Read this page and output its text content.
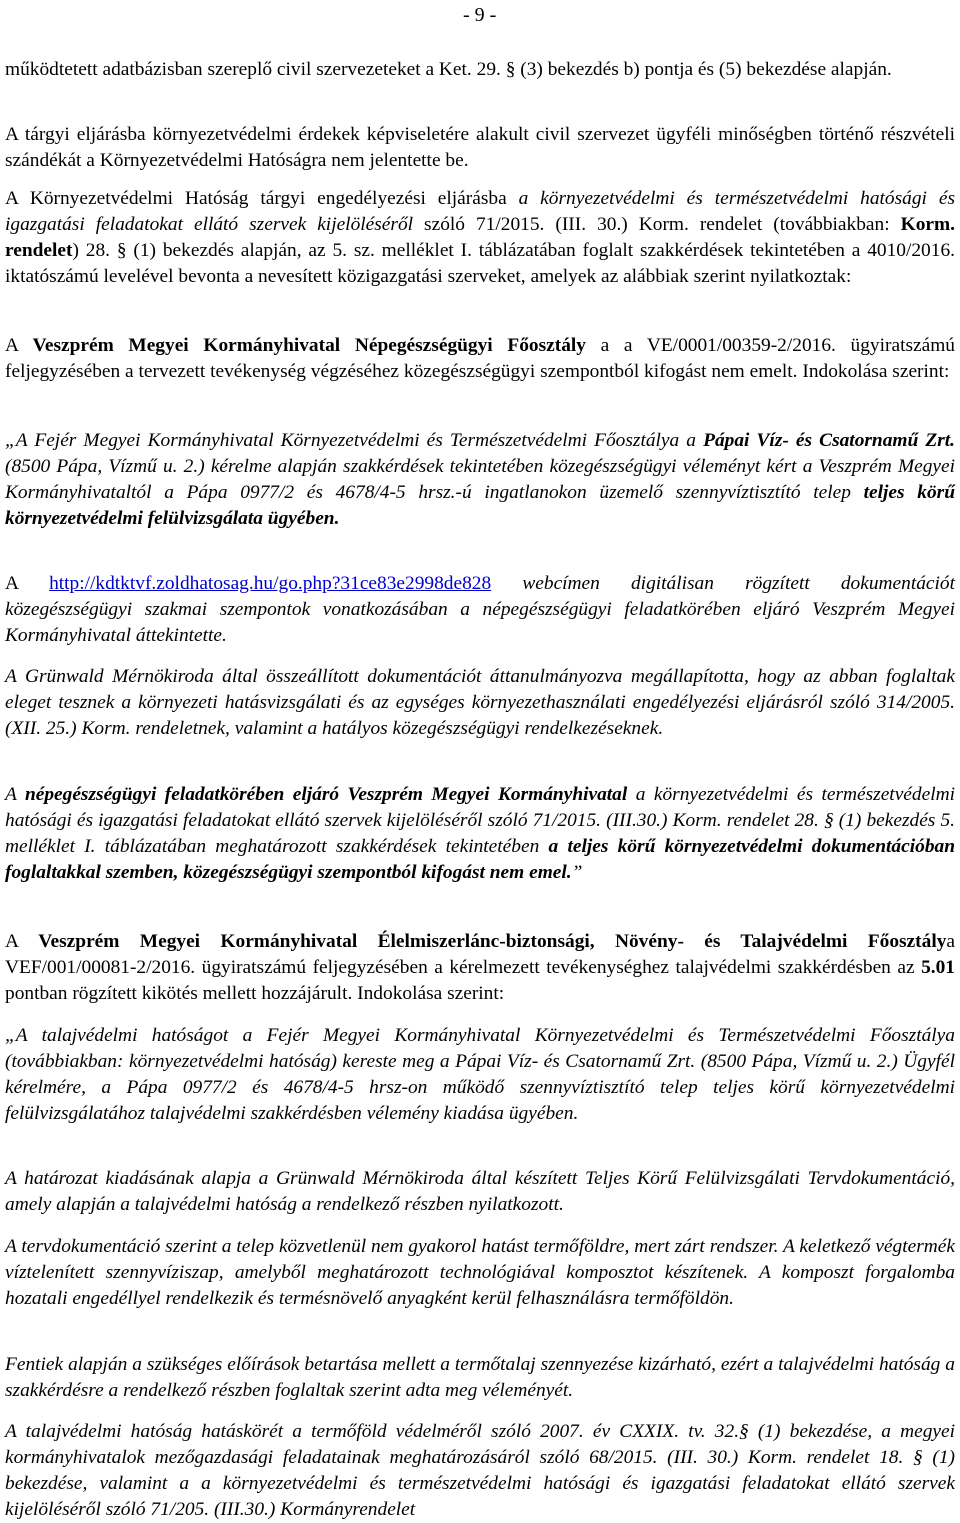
- 9 -
működtetett adatbázisban szereplő civil szervezeteket a Ket. 29. § (3) bekezdés b) pontja és (5) bekezdése alapján.
A tárgyi eljárásba környezetvédelmi érdekek képviseletére alakult civil szervezet ügyféli minőségben történő részvételi szándékát a Környezetvédelmi Hatóságra nem jelentette be.
A Környezetvédelmi Hatóság tárgyi engedélyezési eljárásba a környezetvédelmi és természetvédelmi hatósági és igazgatási feladatokat ellátó szervek kijelöléséről szóló 71/2015. (III. 30.) Korm. rendelet (továbbiakban: Korm. rendelet) 28. § (1) bekezdés alapján, az 5. sz. melléklet I. táblázatában foglalt szakkérdések tekintetében a 4010/2016. iktatószámú levelével bevonta a nevesített közigazgatási szerveket, amelyek az alábbiak szerint nyilatkoztak:
A Veszprém Megyei Kormányhivatal Népegészségügyi Főosztály a a VE/0001/00359-2/2016. ügyiratszámú feljegyzésében a tervezett tevékenység végzéséhez közegészségügyi szempontból kifogást nem emelt. Indokolása szerint:
„A Fejér Megyei Kormányhivatal Környezetvédelmi és Természetvédelmi Főosztálya a Pápai Víz- és Csatornamű Zrt. (8500 Pápa, Vízmű u. 2.) kérelme alapján szakkérdések tekintetében közegészségügyi véleményt kért a Veszprém Megyei Kormányhivataltól a Pápa 0977/2 és 4678/4-5 hrsz.-ú ingatlanokon üzemelő szennyvíztisztító telep teljes körű környezetvédelmi felülvizsgálata ügyében.
A http://kdtktvf.zoldhatosag.hu/go.php?31ce83e2998de828 webcímen digitálisan rögzített dokumentációt közegészségügyi szakmai szempontok vonatkozásában a népegészségügyi feladatkörében eljáró Veszprém Megyei Kormányhivatal áttekintette.
A Grünwald Mérnökiroda által összeállított dokumentációt áttanulmányozva megállapította, hogy az abban foglaltak eleget tesznek a környezeti hatásvizsgálati és az egységes környezethasználati engedélyezési eljárásról szóló 314/2005. (XII. 25.) Korm. rendeletnek, valamint a hatályos közegészségügyi rendelkezéseknek.
A népegészségügyi feladatkörében eljáró Veszprém Megyei Kormányhivatal a környezetvédelmi és természetvédelmi hatósági és igazgatási feladatokat ellátó szervek kijelöléséről szóló 71/2015. (III.30.) Korm. rendelet 28. § (1) bekezdés 5. melléklet I. táblázatában meghatározott szakkérdések tekintetében a teljes körű környezetvédelmi dokumentációban foglaltakkal szemben, közegészségügyi szempontból kifogást nem emel.”
A Veszprém Megyei Kormányhivatal Élelmiszerlánc-biztonsági, Növény- és Talajvédelmi Főosztálya VEF/001/00081-2/2016. ügyiratszámú feljegyzésében a kérelmezett tevékenységhez talajvédelmi szakkérdésben az 5.01 pontban rögzített kikötés mellett hozzájárult. Indokolása szerint:
„A talajvédelmi hatóságot a Fejér Megyei Kormányhivatal Környezetvédelmi és Természetvédelmi Főosztálya (továbbiakban: környezetvédelmi hatóság) kereste meg a Pápai Víz- és Csatornamű Zrt. (8500 Pápa, Vízmű u. 2.) Ügyfél kérelmére, a Pápa 0977/2 és 4678/4-5 hrsz-on működő szennyvíztisztító telep teljes körű környezetvédelmi felülvizsgálatához talajvédelmi szakkérdésben vélemény kiadása ügyében.
A határozat kiadásának alapja a Grünwald Mérnökiroda által készített Teljes Körű Felülvizsgálati Tervdokumentáció, amely alapján a talajvédelmi hatóság a rendelkező részben nyilatkozott.
A tervdokumentáció szerint a telep közvetlenül nem gyakorol hatást termőföldre, mert zárt rendszer. A keletkező végtermék víztelenített szennyvíziszap, amelyből meghatározott technológiával komposztot készítenek. A komposzt forgalomba hozatali engedéllyel rendelkezik és termésnövelő anyagként kerül felhasználásra termőföldön.
Fentiek alapján a szükséges előírások betartása mellett a termőtalaj szennyezése kizárható, ezért a talajvédelmi hatóság a szakkérdésre a rendelkező részben foglaltak szerint adta meg véleményét.
A talajvédelmi hatóság hatáskörét a termőföld védelméről szóló 2007. év CXXIX. tv. 32.§ (1) bekezdése, a megyei kormányhivatalok mezőgazdasági feladatainak meghatározásáról szóló 68/2015. (III. 30.) Korm. rendelet 18. § (1) bekezdése, valamint a a környezetvédelmi és természetvédelmi hatósági és igazgatási feladatokat ellátó szervek kijelöléséről szóló 71/205. (III.30.) Kormányrendelet
